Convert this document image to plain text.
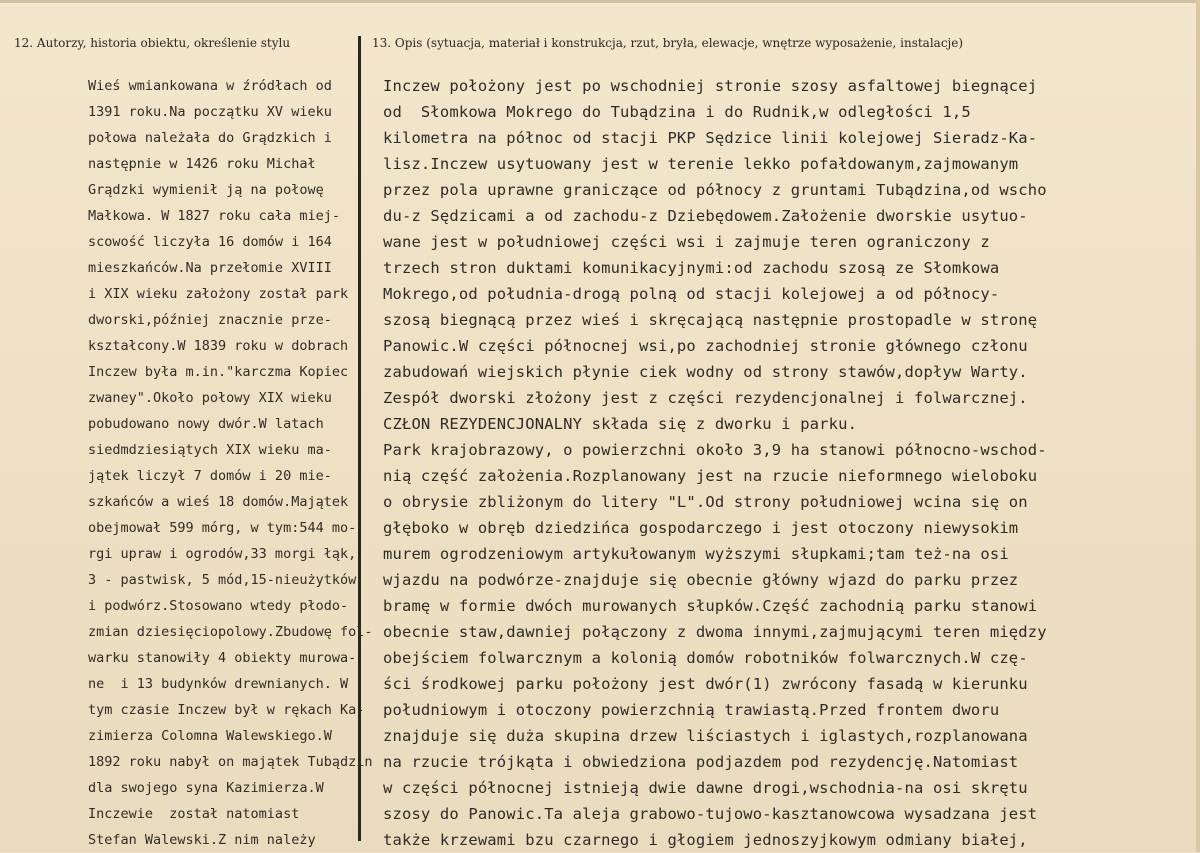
12. Autorzy, historia obiektu, określenie stylu	13. Opis (sytuacja, materiał i konstrukcja, rzut, bryła, elewacje, wnętrze wyposażenie, instalacje)
Wieś wmiankowana w źródłach od
1391 roku.Na początku XV wieku
połowa należała do Grądzkich i
następnie w 1426 roku Michał
Grądzki wymienił ją na połowę
Małkowa. W 1827 roku cała miej-
scowość liczyła 16 domów i 164
mieszkańców.Na przełomie XVIII
i XIX wieku założony został park
dworski,później znacznie prze-
kształcony.W 1839 roku w dobrach
Inczew była m.in."karczma Kopiec
zwaney".Około połowy XIX wieku
pobudowano nowy dwór.W latach
siedmdziesiątych XIX wieku ma-
jątek liczył 7 domów i 20 mie-
szkańców a wieś 18 domów.Majątek
obejmował 599 mórg, w tym:544 mo-
rgi upraw i ogrodów,33 morgi łąk,
3 - pastwisk, 5 mód,15-nieużytków
i podwórz.Stosowano wtedy płodo-
zmian dziesięciopolowy.Zbudowę fol-
warku stanowiły 4 obiekty murowa-
ne  i 13 budynków drewnianych. W
tym czasie Inczew był w rękach Ka-
zimierza Colomna Walewskiego.W
1892 roku nabył on majątek Tubądzin
dla swojego syna Kazimierza.W
Inczewie  został natomiast
Stefan Walewski.Z nim należy
Inczew położony jest po wschodniej stronie szosy asfaltowej biegnącej
od  Słomkowa Mokrego do Tubądzina i do Rudnik,w odległości 1,5
kilometra na północ od stacji PKP Sędzice linii kolejowej Sieradz-Ka-
lisz.Inczew usytuowany jest w terenie lekko pofałdowanym,zajmowanym
przez pola uprawne graniczące od północy z gruntami Tubądzina,od wscho
du-z Sędzicami a od zachodu-z Dziebędowem.Założenie dworskie usytuo-
wane jest w południowej części wsi i zajmuje teren ograniczony z
trzech stron duktami komunikacyjnymi:od zachodu szosą ze Słomkowa
Mokrego,od południa-drogą polną od stacji kolejowej a od północy-
szosą biegnącą przez wieś i skręcającą następnie prostopadle w stronę
Panowic.W części północnej wsi,po zachodniej stronie głównego członu
zabudowań wiejskich płynie ciek wodny od strony stawów,dopływ Warty.
Zespół dworski złożony jest z części rezydencjonalnej i folwarcznej.
CZŁON REZYDENCJONALNY składa się z dworku i parku.
Park krajobrazowy, o powierzchni około 3,9 ha stanowi północno-wschod-
nią część założenia.Rozplanowany jest na rzucie nieformnego wieloboku
o obrysie zbliżonym do litery "L".Od strony południowej wcina się on
głęboko w obręb dziedzińca gospodarczego i jest otoczony niewysokim
murem ogrodzeniowym artykułowanym wyższymi słupkami;tam też-na osi
wjazdu na podwórze-znajduje się obecnie główny wjazd do parku przez
bramę w formie dwóch murowanych słupków.Część zachodnią parku stanowi
obecnie staw,dawniej połączony z dwoma innymi,zajmującymi teren między
obejściem folwarcznym a kolonią domów robotników folwarcznych.W czę-
ści środkowej parku położony jest dwór(1) zwrócony fasadą w kierunku
południowym i otoczony powierzchnią trawiastą.Przed frontem dworu
znajduje się duża skupina drzew liściastych i iglastych,rozplanowana
na rzucie trójkąta i obwiedziona podjazdem pod rezydencję.Natomiast
w części północnej istnieją dwie dawne drogi,wschodnia-na osi skrętu
szosy do Panowic.Ta aleja grabowo-tujowo-kasztanowcowa wysadzana jest
także krzewami bzu czarnego i głogiem jednoszyjkowym odmiany białej,
